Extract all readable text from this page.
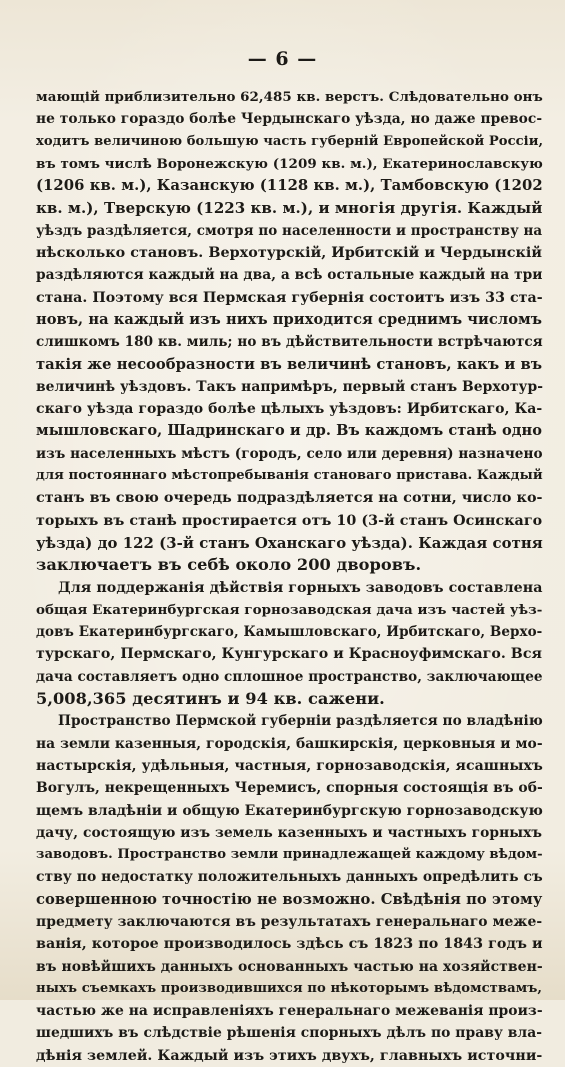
— 6 —
мающій приблизительно 62,485 кв. верстъ. Слѣдовательно онъ
не только гораздо болѣе Чердынскаго уѣзда, но даже превос-
ходитъ величиною большую часть губерній Европейской Россіи,
въ томъ числѣ Воронежскую (1209 кв. м.), Екатеринославскую
(1206 кв. м.), Казанскую (1128 кв. м.), Тамбовскую (1202
кв. м.), Тверскую (1223 кв. м.), и многія другія. Каждый
уѣздъ раздѣляется, смотря по населенности и пространству на
нѣсколько становъ. Верхотурскій, Ирбитскій и Чердынскій
раздѣляются каждый на два, а всѣ остальные каждый на три
стана. Поэтому вся Пермская губернія состоитъ изъ 33 ста-
новъ, на каждый изъ нихъ приходится среднимъ числомъ
слишкомъ 180 кв. миль; но въ дѣйствительности встрѣчаются
такія же несообразности въ величинѣ становъ, какъ и въ
величинѣ уѣздовъ. Такъ напримѣръ, первый станъ Верхотур-
скаго уѣзда гораздо болѣе цѣлыхъ уѣздовъ: Ирбитскаго, Ка-
мышловскаго, Шадринскаго и др. Въ каждомъ станѣ одно
изъ населенныхъ мѣстъ (городъ, село или деревня) назначено
для постояннаго мѣстопребыванія становаго пристава. Каждый
станъ въ свою очередь подраздѣляется на сотни, число ко-
торыхъ въ станѣ простирается отъ 10 (3-й станъ Осинскаго
уѣзда) до 122 (3-й станъ Оханскаго уѣзда). Каждая сотня
заключаетъ въ себѣ около 200 дворовъ.
Для поддержанія дѣйствія горныхъ заводовъ составлена
общая Екатеринбургская горнозаводская дача изъ частей уѣз-
довъ Екатеринбургскаго, Камышловскаго, Ирбитскаго, Верхо-
турскаго, Пермскаго, Кунгурскаго и Красноуфимскаго. Вся
дача составляетъ одно сплошное пространство, заключающее
5,008,365 десятинъ и 94 кв. сажени.
Пространство Пермской губерніи раздѣляется по владѣнію
на земли казенныя, городскія, башкирскія, церковныя и мо-
настырскія, удѣльныя, частныя, горнозаводскія, ясашныхъ
Вогулъ, некрещенныхъ Черемисъ, спорныя состоящія въ об-
щемъ владѣніи и общую Екатеринбургскую горнозаводскую
дачу, состоящую изъ земель казенныхъ и частныхъ горныхъ
заводовъ. Пространство земли принадлежащей каждому вѣдом-
ству по недостатку положительныхъ данныхъ опредѣлить съ
совершенною точностію не возможно. Свѣдѣнія по этому
предмету заключаются въ результатахъ генеральнаго меже-
ванія, которое производилось здѣсь съ 1823 по 1843 годъ и
въ новѣйшихъ данныхъ основанныхъ частью на хозяйствен-
ныхъ съемкахъ производившихся по нѣкоторымъ вѣдомствамъ,
частью же на исправленіяхъ генеральнаго межеванія произ-
шедшихъ въ слѣдствіе рѣшенія спорныхъ дѣлъ по праву вла-
дѣнія землей. Каждый изъ этихъ двухъ, главныхъ источни-
